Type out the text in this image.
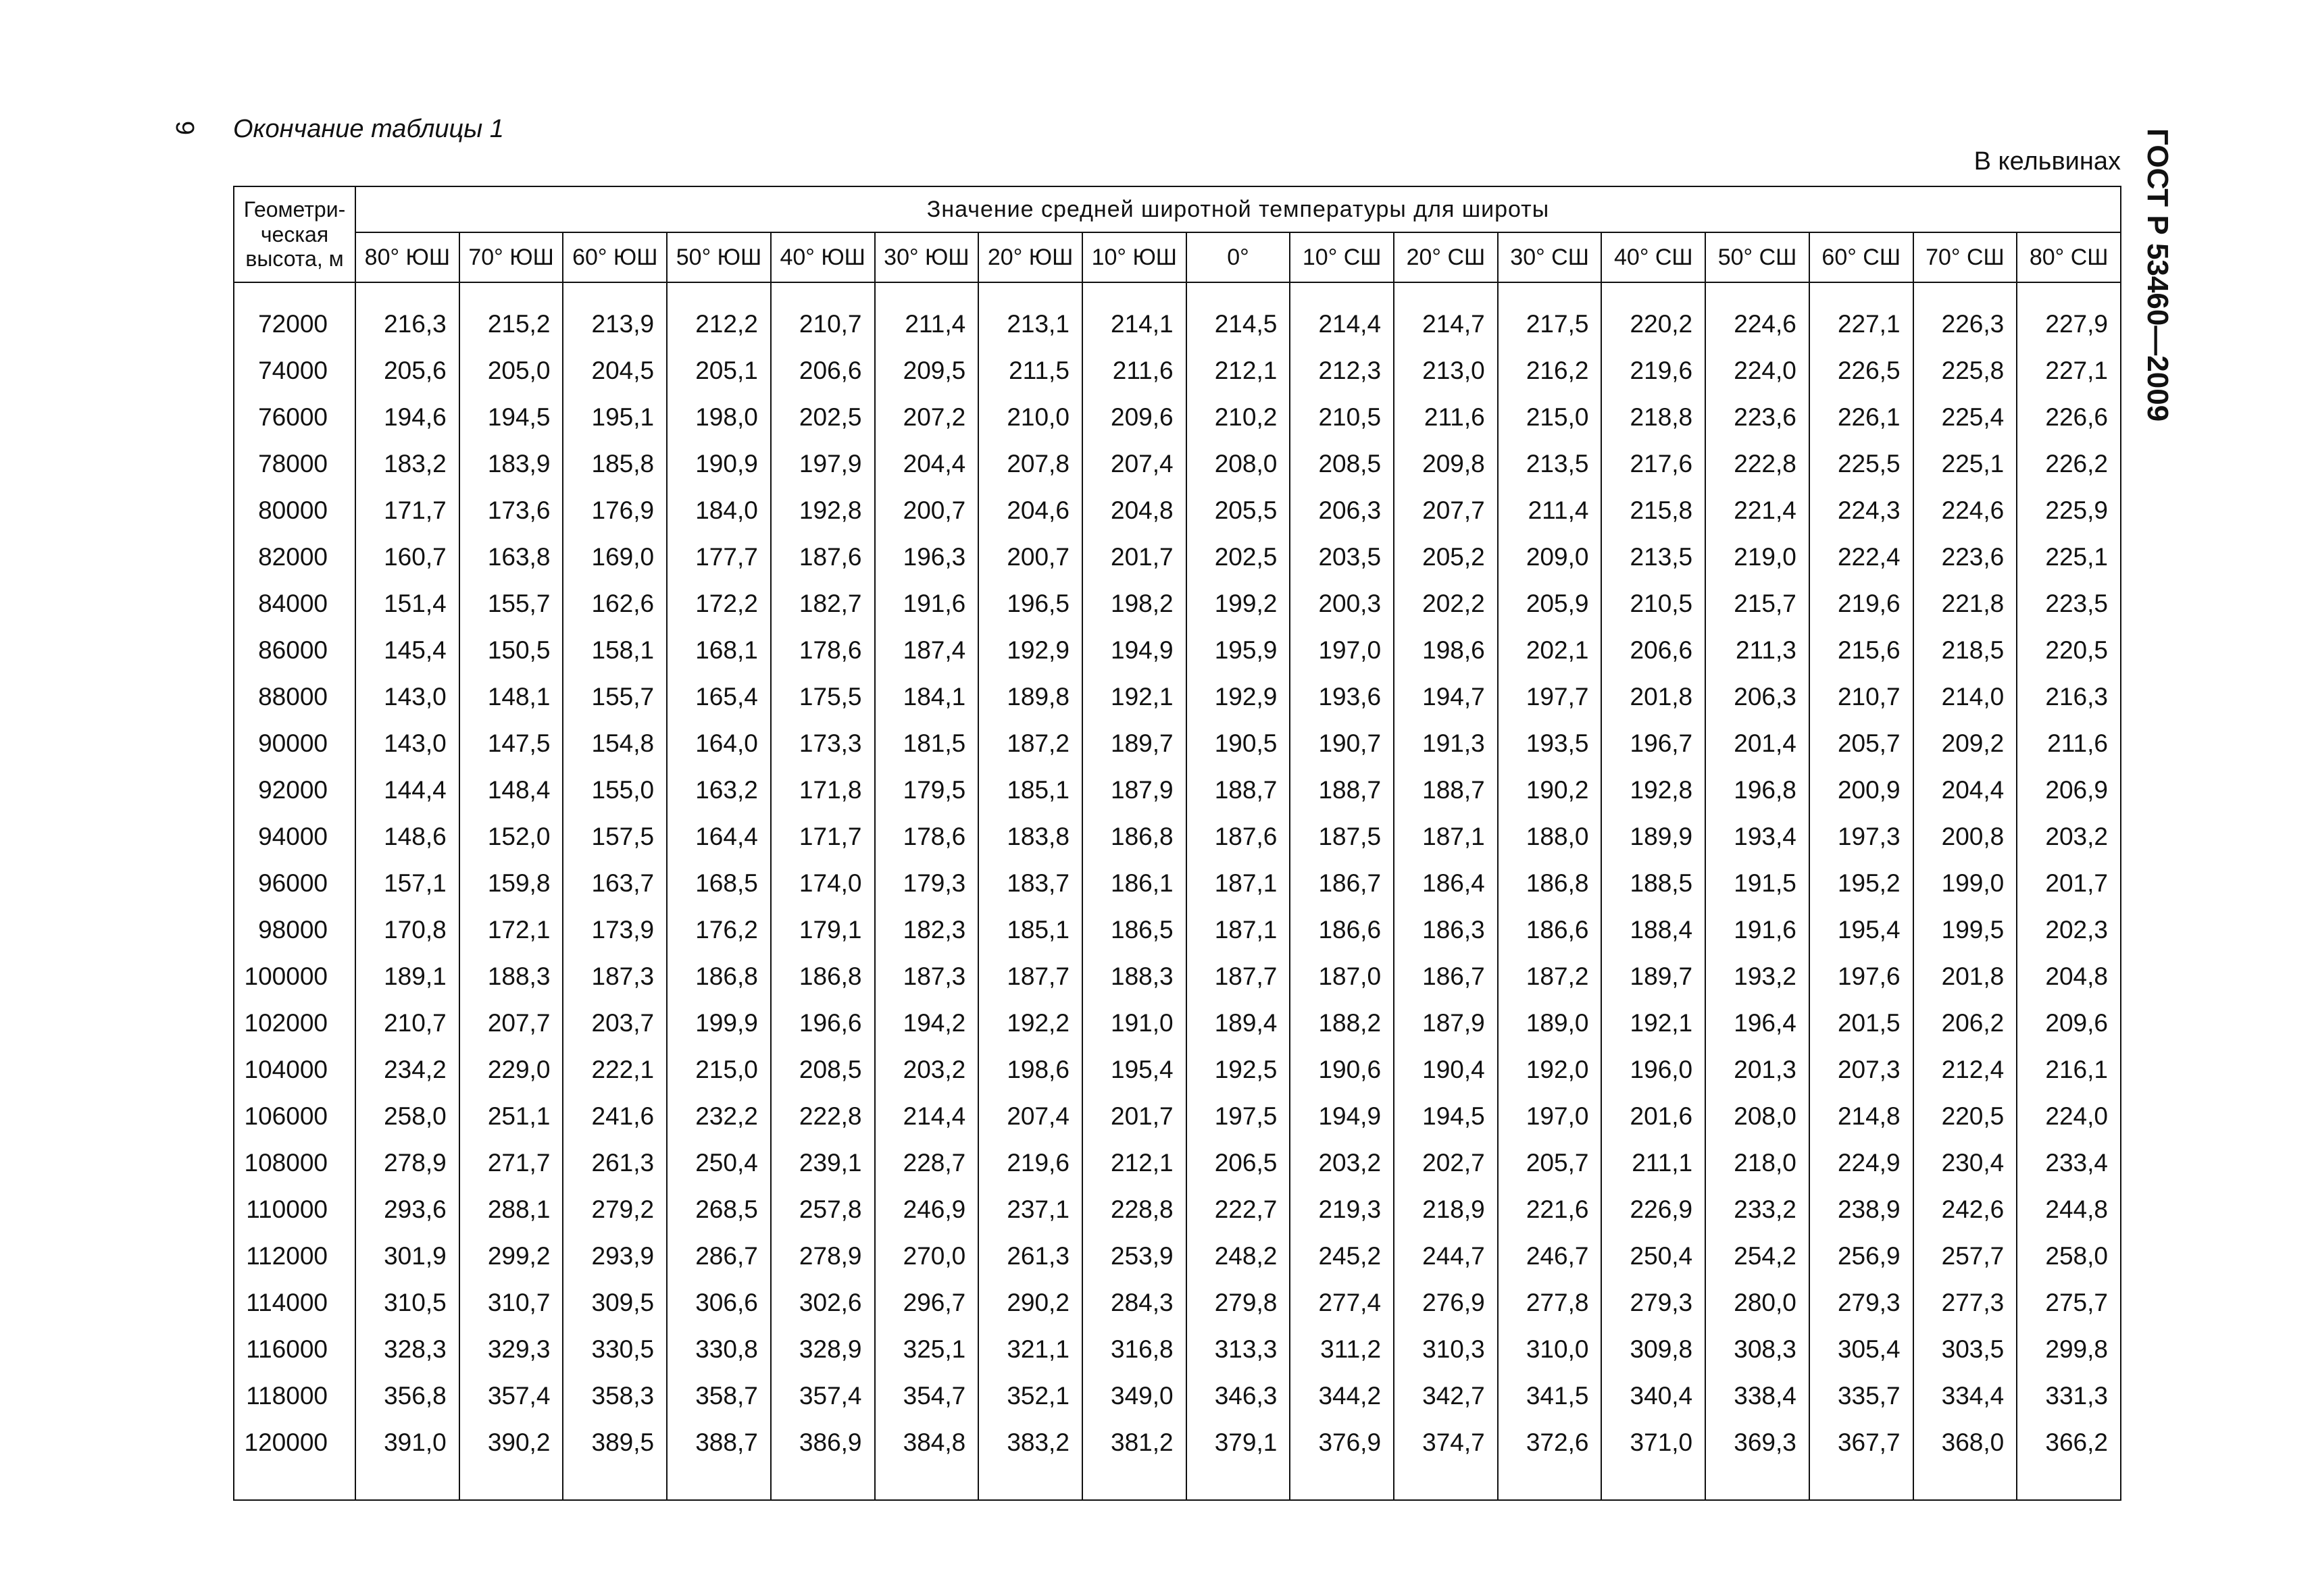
9 Окончание таблицы 1
В кельвинах ГОСТ Р 53460—2009
Геометри-
ческая
высота, м	Значение средней широтной температуры для широты																
	80° ЮШ	70° ЮШ	60° ЮШ	50° ЮШ	40° ЮШ	30° ЮШ	20° ЮШ	10° ЮШ	0°	10° СШ	20° СШ	30° СШ	40° СШ	50° СШ	60° СШ	70° СШ	80° СШ

72000	216,3	215,2	213,9	212,2	210,7	211,4	213,1	214,1	214,5	214,4	214,7	217,5	220,2	224,6	227,1	226,3	227,9
74000	205,6	205,0	204,5	205,1	206,6	209,5	211,5	211,6	212,1	212,3	213,0	216,2	219,6	224,0	226,5	225,8	227,1
76000	194,6	194,5	195,1	198,0	202,5	207,2	210,0	209,6	210,2	210,5	211,6	215,0	218,8	223,6	226,1	225,4	226,6
78000	183,2	183,9	185,8	190,9	197,9	204,4	207,8	207,4	208,0	208,5	209,8	213,5	217,6	222,8	225,5	225,1	226,2
80000	171,7	173,6	176,9	184,0	192,8	200,7	204,6	204,8	205,5	206,3	207,7	211,4	215,8	221,4	224,3	224,6	225,9
82000	160,7	163,8	169,0	177,7	187,6	196,3	200,7	201,7	202,5	203,5	205,2	209,0	213,5	219,0	222,4	223,6	225,1
84000	151,4	155,7	162,6	172,2	182,7	191,6	196,5	198,2	199,2	200,3	202,2	205,9	210,5	215,7	219,6	221,8	223,5
86000	145,4	150,5	158,1	168,1	178,6	187,4	192,9	194,9	195,9	197,0	198,6	202,1	206,6	211,3	215,6	218,5	220,5
88000	143,0	148,1	155,7	165,4	175,5	184,1	189,8	192,1	192,9	193,6	194,7	197,7	201,8	206,3	210,7	214,0	216,3
90000	143,0	147,5	154,8	164,0	173,3	181,5	187,2	189,7	190,5	190,7	191,3	193,5	196,7	201,4	205,7	209,2	211,6
92000	144,4	148,4	155,0	163,2	171,8	179,5	185,1	187,9	188,7	188,7	188,7	190,2	192,8	196,8	200,9	204,4	206,9
94000	148,6	152,0	157,5	164,4	171,7	178,6	183,8	186,8	187,6	187,5	187,1	188,0	189,9	193,4	197,3	200,8	203,2
96000	157,1	159,8	163,7	168,5	174,0	179,3	183,7	186,1	187,1	186,7	186,4	186,8	188,5	191,5	195,2	199,0	201,7
98000	170,8	172,1	173,9	176,2	179,1	182,3	185,1	186,5	187,1	186,6	186,3	186,6	188,4	191,6	195,4	199,5	202,3
100000	189,1	188,3	187,3	186,8	186,8	187,3	187,7	188,3	187,7	187,0	186,7	187,2	189,7	193,2	197,6	201,8	204,8
102000	210,7	207,7	203,7	199,9	196,6	194,2	192,2	191,0	189,4	188,2	187,9	189,0	192,1	196,4	201,5	206,2	209,6
104000	234,2	229,0	222,1	215,0	208,5	203,2	198,6	195,4	192,5	190,6	190,4	192,0	196,0	201,3	207,3	212,4	216,1
106000	258,0	251,1	241,6	232,2	222,8	214,4	207,4	201,7	197,5	194,9	194,5	197,0	201,6	208,0	214,8	220,5	224,0
108000	278,9	271,7	261,3	250,4	239,1	228,7	219,6	212,1	206,5	203,2	202,7	205,7	211,1	218,0	224,9	230,4	233,4
110000	293,6	288,1	279,2	268,5	257,8	246,9	237,1	228,8	222,7	219,3	218,9	221,6	226,9	233,2	238,9	242,6	244,8
112000	301,9	299,2	293,9	286,7	278,9	270,0	261,3	253,9	248,2	245,2	244,7	246,7	250,4	254,2	256,9	257,7	258,0
114000	310,5	310,7	309,5	306,6	302,6	296,7	290,2	284,3	279,8	277,4	276,9	277,8	279,3	280,0	279,3	277,3	275,7
116000	328,3	329,3	330,5	330,8	328,9	325,1	321,1	316,8	313,3	311,2	310,3	310,0	309,8	308,3	305,4	303,5	299,8
118000	356,8	357,4	358,3	358,7	357,4	354,7	352,1	349,0	346,3	344,2	342,7	341,5	340,4	338,4	335,7	334,4	331,3
120000	391,0	390,2	389,5	388,7	386,9	384,8	383,2	381,2	379,1	376,9	374,7	372,6	371,0	369,3	367,7	368,0	366,2
